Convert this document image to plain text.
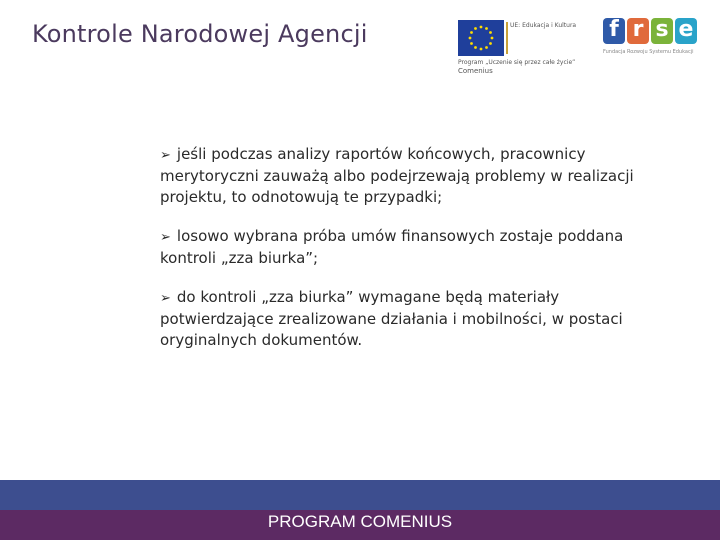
Kontrole Narodowej Agencji	UE: Edukacja i Kultura
Program „Uczenie się przez całe życie”
Comenius
f r s e
Fundacja Rozwoju Systemu Edukacji
➢ jeśli podczas analizy raportów końcowych, pracownicy merytoryczni zauważą albo podejrzewają problemy w realizacji projektu, to odnotowują te przypadki;
➢ losowo wybrana próba umów finansowych zostaje poddana kontroli „zza biurka”;
➢ do kontroli „zza biurka” wymagane będą materiały potwierdzające zrealizowane działania i mobilności, w postaci oryginalnych dokumentów.
PROGRAM COMENIUS
